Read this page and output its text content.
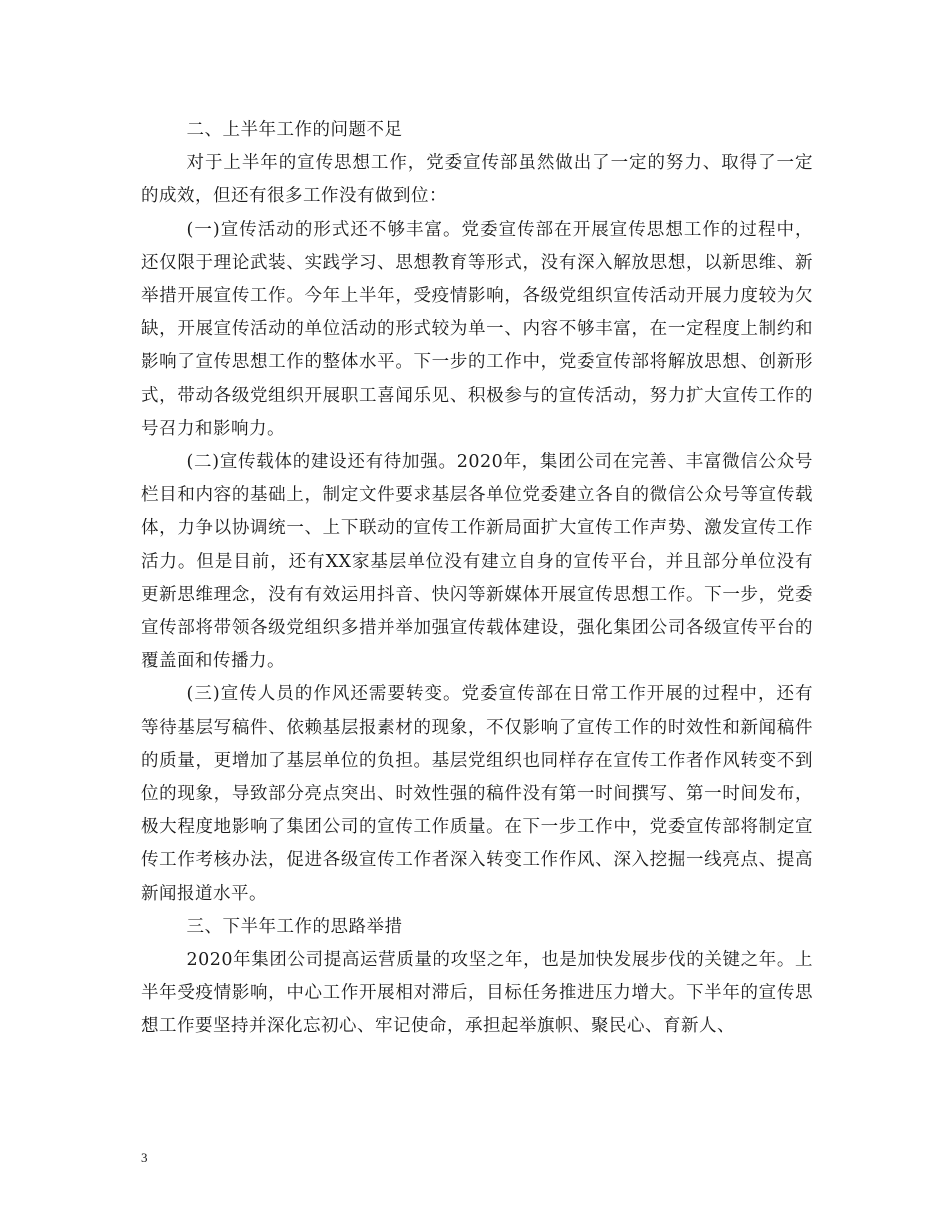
二、上半年工作的问题不足

对于上半年的宣传思想工作，党委宣传部虽然做出了一定的努力、取得了一定的成效，但还有很多工作没有做到位：

(一)宣传活动的形式还不够丰富。党委宣传部在开展宣传思想工作的过程中，还仅限于理论武装、实践学习、思想教育等形式，没有深入解放思想，以新思维、新举措开展宣传工作。今年上半年，受疫情影响，各级党组织宣传活动开展力度较为欠缺，开展宣传活动的单位活动的形式较为单一、内容不够丰富，在一定程度上制约和影响了宣传思想工作的整体水平。下一步的工作中，党委宣传部将解放思想、创新形式，带动各级党组织开展职工喜闻乐见、积极参与的宣传活动，努力扩大宣传工作的号召力和影响力。

(二)宣传载体的建设还有待加强。2020年，集团公司在完善、丰富微信公众号栏目和内容的基础上，制定文件要求基层各单位党委建立各自的微信公众号等宣传载体，力争以协调统一、上下联动的宣传工作新局面扩大宣传工作声势、激发宣传工作活力。但是目前，还有XX家基层单位没有建立自身的宣传平台，并且部分单位没有更新思维理念，没有有效运用抖音、快闪等新媒体开展宣传思想工作。下一步，党委宣传部将带领各级党组织多措并举加强宣传载体建设，强化集团公司各级宣传平台的覆盖面和传播力。

(三)宣传人员的作风还需要转变。党委宣传部在日常工作开展的过程中，还有等待基层写稿件、依赖基层报素材的现象，不仅影响了宣传工作的时效性和新闻稿件的质量，更增加了基层单位的负担。基层党组织也同样存在宣传工作者作风转变不到位的现象，导致部分亮点突出、时效性强的稿件没有第一时间撰写、第一时间发布，极大程度地影响了集团公司的宣传工作质量。在下一步工作中，党委宣传部将制定宣传工作考核办法，促进各级宣传工作者深入转变工作作风、深入挖掘一线亮点、提高新闻报道水平。

三、下半年工作的思路举措

2020年集团公司提高运营质量的攻坚之年，也是加快发展步伐的关键之年。上半年受疫情影响，中心工作开展相对滞后，目标任务推进压力增大。下半年的宣传思想工作要坚持并深化忘初心、牢记使命，承担起举旗帜、聚民心、育新人、

3
